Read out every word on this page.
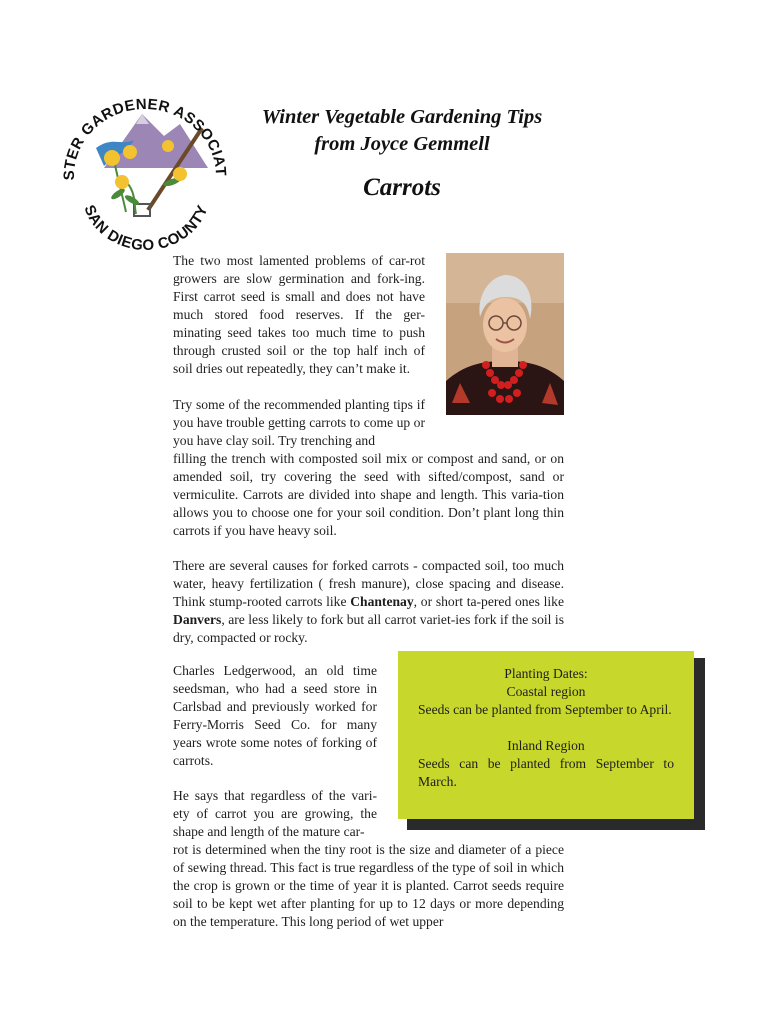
STER GARDENER ASSOCIAT
SAN DIEGO COUNTY
Winter Vegetable Gardening Tips
from Joyce Gemmell
Carrots

The two most lamented problems of car-rot growers are slow germination and fork-ing. First carrot seed is small and does not have much stored food reserves. If the ger-minating seed takes too much time to push through crusted soil or the top half inch of soil dries out repeatedly, they can’t make it.

Try some of the recommended planting tips if you have trouble getting carrots to come up or you have clay soil. Try trenching and

filling the trench with composted soil mix or compost and sand, or on amended soil, try covering the seed with sifted/compost, sand or vermiculite. Carrots are divided into shape and length. This varia-tion allows you to choose one for your soil condition. Don’t plant long thin carrots if you have heavy soil.

There are several causes for forked carrots - compacted soil, too much water, heavy fertilization ( fresh manure), close spacing and disease. Think stump-rooted carrots like Chantenay, or short ta-pered ones like Danvers, are less likely to fork but all carrot variet-ies fork if the soil is dry, compacted or rocky.

Charles Ledgerwood, an old time seedsman, who had a seed store in Carlsbad and previously worked for Ferry-Morris Seed Co. for many years wrote some notes of forking of carrots.

He says that regardless of the vari-ety of carrot you are growing, the shape and length of the mature car-

rot is determined when the tiny root is the size and diameter of a piece of sewing thread. This fact is true regardless of the type of soil in which the crop is grown or the time of year it is planted. Carrot seeds require soil to be kept wet after planting for up to 12 days or more depending on the temperature. This long period of wet upper

Planting Dates:
Coastal region
Seeds can be planted from September to April.
Inland Region
Seeds can be planted from September to March.
